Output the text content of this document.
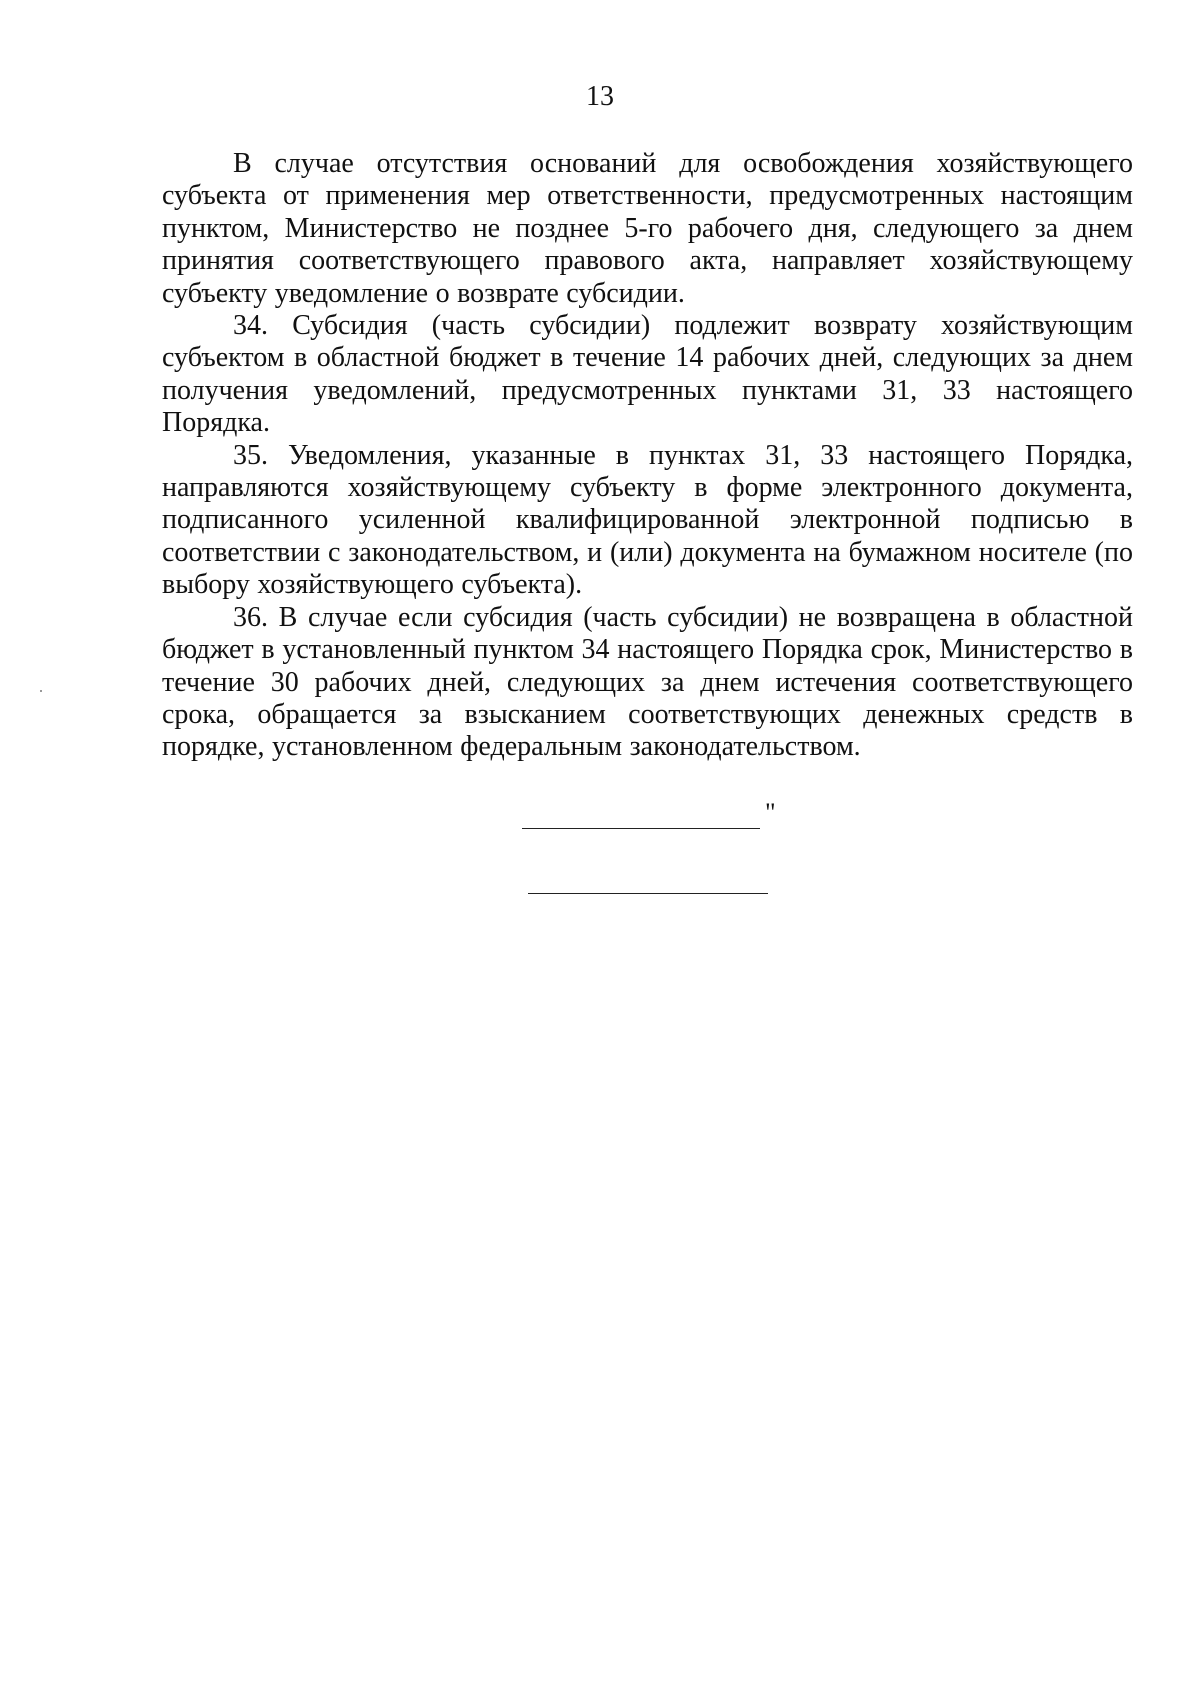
13

В случае отсутствия оснований для освобождения хозяйствующего субъекта от применения мер ответственности, предусмотренных настоящим пунктом, Министерство не позднее 5-го рабочего дня, следующего за днем принятия соответствующего правового акта, направляет хозяйствующему субъекту уведомление о возврате субсидии.

34. Субсидия (часть субсидии) подлежит возврату хозяйствующим субъектом в областной бюджет в течение 14 рабочих дней, следующих за днем получения уведомлений, предусмотренных пунктами 31, 33 настоящего Порядка.

35. Уведомления, указанные в пунктах 31, 33 настоящего Порядка, направляются хозяйствующему субъекту в форме электронного документа, подписанного усиленной квалифицированной электронной подписью в соответствии с законодательством, и (или) документа на бумажном носителе (по выбору хозяйствующего субъекта).

36. В случае если субсидия (часть субсидии) не возвращена в областной бюджет в установленный пунктом 34 настоящего Порядка срок, Министерство в течение 30 рабочих дней, следующих за днем истечения соответствующего срока, обращается за взысканием соответствующих денежных средств в порядке, установленном федеральным законодательством.

"
